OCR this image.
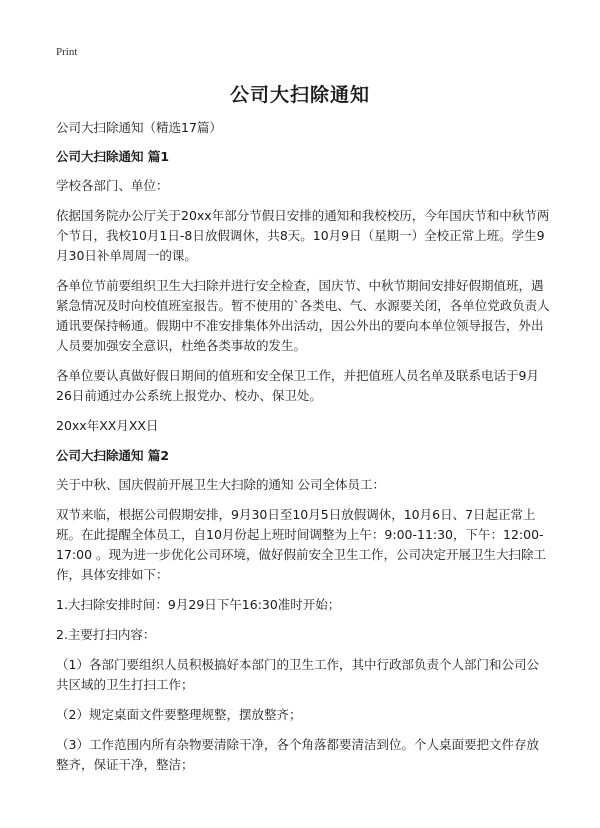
Print
公司大扫除通知

公司大扫除通知（精选17篇）

公司大扫除通知 篇1

学校各部门、单位：

依据国务院办公厅关于20xx年部分节假日安排的通知和我校校历，今年国庆节和中秋节两个节日，我校10月1日-8日放假调休，共8天。10月9日（星期一）全校正常上班。学生9月30日补单周周一的课。

各单位节前要组织卫生大扫除并进行安全检查，国庆节、中秋节期间安排好假期值班，遇紧急情况及时向校值班室报告。暂不使用的`各类电、气、水源要关闭，各单位党政负责人通讯要保持畅通。假期中不准安排集体外出活动，因公外出的要向本单位领导报告，外出人员要加强安全意识，杜绝各类事故的发生。

各单位要认真做好假日期间的值班和安全保卫工作，并把值班人员名单及联系电话于9月26日前通过办公系统上报党办、校办、保卫处。

20xx年XX月XX日

公司大扫除通知 篇2

关于中秋、国庆假前开展卫生大扫除的通知 公司全体员工：

双节来临，根据公司假期安排，9月30日至10月5日放假调休，10月6日、7日起正常上班。在此提醒全体员工，自10月份起上班时间调整为上午：9:00-11:30，下午：12:00-17:00 。现为进一步优化公司环境，做好假前安全卫生工作，公司决定开展卫生大扫除工作，具体安排如下：

1.大扫除安排时间：9月29日下午16:30准时开始；

2.主要打扫内容：

（1）各部门要组织人员积极搞好本部门的卫生工作，其中行政部负责个人部门和公司公共区域的卫生打扫工作；

（2）规定桌面文件要整理规整，摆放整齐；

（3）工作范围内所有杂物要清除干净，各个角落都要清洁到位。个人桌面要把文件存放整齐，保证干净，整洁；
